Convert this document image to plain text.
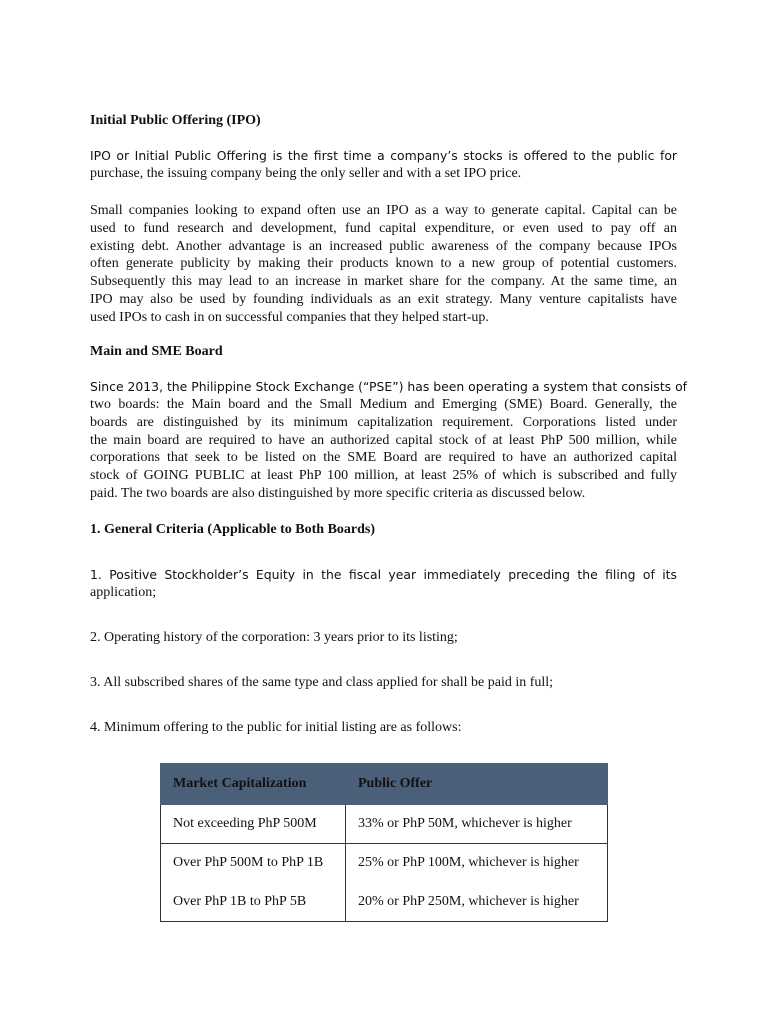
Initial Public Offering (IPO)
IPO or Initial Public Offering is the first time a company’s stocks is offered to the public for
purchase, the issuing company being the only seller and with a set IPO price.
Small companies looking to expand often use an IPO as a way to generate capital. Capital can be
used to fund research and development, fund capital expenditure, or even used to pay off an
existing debt. Another advantage is an increased public awareness of the company because IPOs
often generate publicity by making their products known to a new group of potential customers.
Subsequently this may lead to an increase in market share for the company. At the same time, an
IPO may also be used by founding individuals as an exit strategy. Many venture capitalists have
used IPOs to cash in on successful companies that they helped start-up.
Main and SME Board
Since 2013, the Philippine Stock Exchange (“PSE”) has been operating a system that consists of
two boards: the Main board and the Small Medium and Emerging (SME) Board. Generally, the
boards are distinguished by its minimum capitalization requirement. Corporations listed under
the main board are required to have an authorized capital stock of at least PhP 500 million, while
corporations that seek to be listed on the SME Board are required to have an authorized capital
stock of GOING PUBLIC at least PhP 100 million, at least 25% of which is subscribed and fully
paid. The two boards are also distinguished by more specific criteria as discussed below.
1. General Criteria (Applicable to Both Boards)
1. Positive Stockholder’s Equity in the fiscal year immediately preceding the filing of its
application;
2. Operating history of the corporation: 3 years prior to its listing;
3. All subscribed shares of the same type and class applied for shall be paid in full;
4. Minimum offering to the public for initial listing are as follows:
Market Capitalization	Public Offer
Not exceeding PhP 500M	33% or PhP 50M, whichever is higher
Over PhP 500M to PhP 1B	25% or PhP 100M, whichever is higher
Over PhP 1B to PhP 5B	20% or PhP 250M, whichever is higher
